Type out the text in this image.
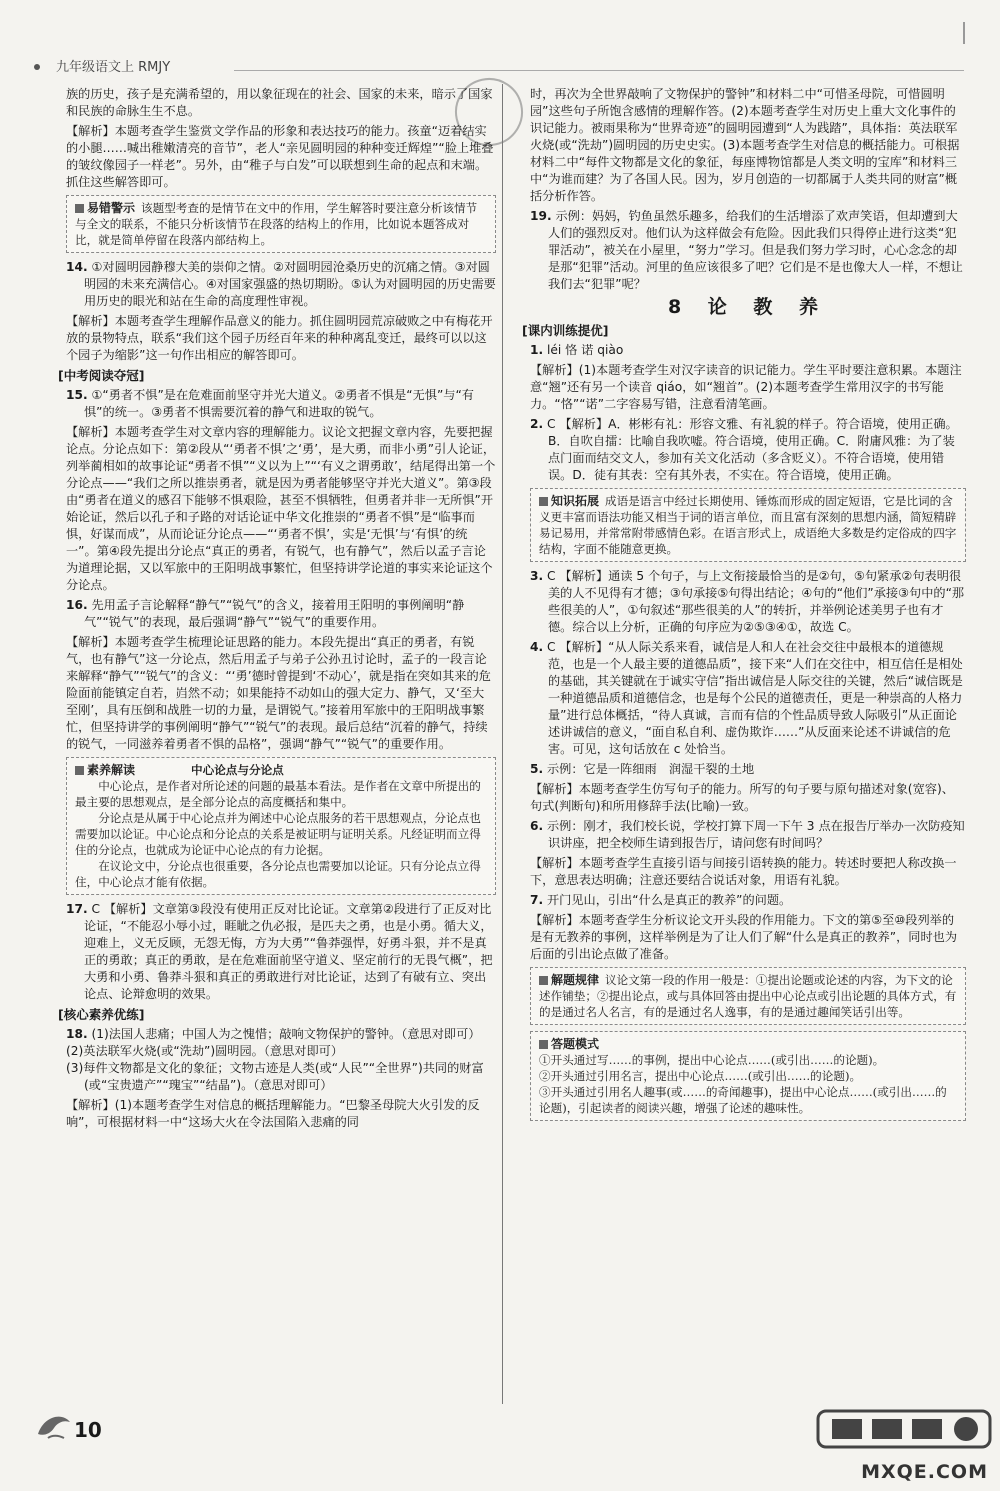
九年级语文上 RMJY

族的历史，孩子是充满希望的，用以象征现在的社会、国家的未来，暗示了国家和民族的命脉生生不息。

【解析】本题考查学生鉴赏文学作品的形象和表达技巧的能力。孩童“迈着结实的小腿……喊出稚嫩清亮的音节”，老人“亲见圆明园的种种变迁辉煌”“脸上堆叠的皱纹像园子一样老”。另外，由“稚子与白发”可以联想到生命的起点和末端。抓住这些解答即可。

易错警示 该题型考查的是情节在文中的作用，学生解答时要注意分析该情节与全文的联系，不能只分析该情节在段落的结构上的作用，比如说本题答成对比，就是简单停留在段落内部结构上。

14. ①对圆明园静穆大美的崇仰之情。②对圆明园沧桑历史的沉痛之情。③对圆明园的未来充满信心。④对国家强盛的热切期盼。⑤认为对圆明园的历史需要用历史的眼光和站在生命的高度理性审视。

【解析】本题考查学生理解作品意义的能力。抓住圆明园荒凉破败之中有梅花开放的景物特点，联系“我们这个园子历经百年来的种种离乱变迁，最终可以以这个园子为缩影”这一句作出相应的解答即可。

[中考阅读夺冠]

15. ①“勇者不惧”是在危难面前坚守并光大道义。②勇者不惧是“无惧”与“有惧”的统一。③勇者不惧需要沉着的静气和进取的锐气。

【解析】本题考查学生对文章内容的理解能力。议论文把握文章内容，先要把握论点。分论点如下：第②段从“‘勇者不惧’之‘勇’，是大勇，而非小勇”引人论证，列举蔺相如的故事论证“勇者不惧”“义以为上”“‘有义之谓勇敢’，结尾得出第一个分论点——“我们之所以推崇勇者，就是因为勇者能够坚守并光大道义”。第③段由“勇者在道义的感召下能够不惧艰险，甚至不惧牺牲，但勇者并非一无所惧”开始论证，然后以孔子和子路的对话论证中华文化推崇的“勇者不惧”是“临事而惧，好谋而成”，从而论证分论点——“‘勇者不惧’，实是‘无惧’与‘有惧’的统一”。第④段先提出分论点“真正的勇者，有锐气，也有静气”，然后以孟子言论为道理论据，又以军旅中的王阳明战事繁忙，但坚持讲学论道的事实来论证这个分论点。

16. 先用孟子言论解释“静气”“锐气”的含义，接着用王阳明的事例阐明“静气”“锐气”的表现，最后强调“静气”“锐气”的重要作用。

【解析】本题考查学生梳理论证思路的能力。本段先提出“真正的勇者，有锐气，也有静气”这一分论点，然后用孟子与弟子公孙丑讨论时，孟子的一段言论来解释“静气”“锐气”的含义：“‘勇’德时曾提到‘不动心’，就是指在突如其来的危险面前能镇定自若，岿然不动；如果能持不动如山的强大定力、静气，又‘至大至刚’，具有压倒和战胜一切的力量，是谓锐气。”接着用军旅中的王阳明战事繁忙，但坚持讲学的事例阐明“静气”“锐气”的表现。最后总结“沉着的静气，持续的锐气，一同滋养着勇者不惧的品格”，强调“静气”“锐气”的重要作用。

素养解读	中心论点与分论点
中心论点，是作者对所论述的问题的最基本看法。是作者在文章中所提出的最主要的思想观点，是全部分论点的高度概括和集中。
分论点是从属于中心论点并为阐述中心论点服务的若干思想观点，分论点也需要加以论证。中心论点和分论点的关系是被证明与证明关系。凡经证明而立得住的分论点，也就成为论证中心论点的有力论据。
在议论文中，分论点也很重要，各分论点也需要加以论证。只有分论点立得住，中心论点才能有依据。

17. C 【解析】文章第③段没有使用正反对比论证。文章第②段进行了正反对比论证，“不能忍小辱小过，睚眦之仇必报，是匹夫之勇，也是小勇。循大义，迎难上，义无反顾，无怨无悔，方为大勇”“鲁莽强悍，好勇斗狠，并不是真正的勇敢；真正的勇敢，是在危难面前坚守道义、坚定前行的无畏气概”，把大勇和小勇、鲁莽斗狠和真正的勇敢进行对比论证，达到了有破有立、突出论点、论辩愈明的效果。

[核心素养优练]
18. (1)法国人悲痛；中国人为之愧惜；敲响文物保护的警钟。（意思对即可）
(2)英法联军火烧(或“洗劫”)圆明园。（意思对即可）
(3)每件文物都是文化的象征；文物古迹是人类(或“人民”“全世界”)共同的财富(或“宝贵遗产”“瑰宝”“结晶”)。（意思对即可）

【解析】(1)本题考查学生对信息的概括理解能力。“巴黎圣母院大火引发的反响”，可根据材料一中“这场大火在令法国陷入悲痛的同

时，再次为全世界敲响了文物保护的警钟”和材料二中“可惜圣母院，可惜圆明园”这些句子所饱含感情的理解作答。(2)本题考查学生对历史上重大文化事件的识记能力。被雨果称为“世界奇迹”的圆明园遭到“人为践踏”，具体指：英法联军火烧(或“洗劫”)圆明园的历史史实。(3)本题考查学生对信息的概括能力。可根据材料二中“每件文物都是文化的象征，每座博物馆都是人类文明的宝库”和材料三中“为谁而建？为了各国人民。因为，岁月创造的一切都属于人类共同的财富”概括分析作答。

19. 示例：妈妈，钓鱼虽然乐趣多，给我们的生活增添了欢声笑语，但却遭到大人们的强烈反对。他们认为这样做会有危险。因此我们只得停止进行这类“犯罪活动”，被关在小屋里，“努力”学习。但是我们努力学习时，心心念念的却是那“犯罪”活动。河里的鱼应该很多了吧？它们是不是也像大人一样，不想让我们去“犯罪”呢？

8 论 教 养
[课内训练提优]

1. léi 恪 诺 qiào

【解析】(1)本题考查学生对汉字读音的识记能力。学生平时要注意积累。本题注意“翘”还有另一个读音 qiáo，如“翘首”。(2)本题考查学生常用汉字的书写能力。“恪”“诺”二字容易写错，注意看清笔画。

2. C 【解析】A．彬彬有礼：形容文雅、有礼貌的样子。符合语境，使用正确。B．自吹自擂：比喻自我吹嘘。符合语境，使用正确。C．附庸风雅：为了装点门面而结交文人，参加有关文化活动（多含贬义）。不符合语境，使用错误。D．徒有其表：空有其外表，不实在。符合语境，使用正确。

知识拓展 成语是语言中经过长期使用、锤炼而形成的固定短语，它是比词的含义更丰富而语法功能又相当于词的语言单位，而且富有深刻的思想内涵，简短精辟易记易用，并常常附带感情色彩。在语言形式上，成语绝大多数是约定俗成的四字结构，字面不能随意更换。

3. C 【解析】通读 5 个句子，与上文衔接最恰当的是②句，⑤句紧承②句表明很美的人不见得有才德；③句承接⑤句得出结论；④句的“他们”承接③句中的“那些很美的人”，①句叙述“那些很美的人”的转折，并举例论述美男子也有才德。综合以上分析，正确的句序应为②⑤③④①，故选 C。

4. C 【解析】“从人际关系来看，诚信是人和人在社会交往中最根本的道德规范，也是一个人最主要的道德品质”，接下来“人们在交往中，相互信任是相处的基础，其关键就在于诚实守信”指出诚信是人际交往的关键，然后“诚信既是一种道德品质和道德信念，也是每个公民的道德责任，更是一种崇高的人格力量”进行总体概括，“待人真诚，言而有信的个性品质导致人际吸引”从正面论述讲诚信的意义，“面自私自利、虚伪欺诈……”从反面来论述不讲诚信的危害。可见，这句话放在 c 处恰当。

5. 示例：它是一阵细雨　润湿干裂的土地

【解析】本题考查学生仿写句子的能力。所写的句子要与原句描述对象(宽容)、句式(判断句)和所用修辞手法(比喻)一致。

6. 示例：刚才，我们校长说，学校打算下周一下午 3 点在报告厅举办一次防疫知识讲座，把全校师生请到报告厅，请问您有时间吗？

【解析】本题考查学生直接引语与间接引语转换的能力。转述时要把人称改换一下，意思表达明确；注意还要结合说话对象，用语有礼貌。

7. 开门见山，引出“什么是真正的教养”的问题。

【解析】本题考查学生分析议论文开头段的作用能力。下文的第⑤至⑩段列举的是有无教养的事例，这样举例是为了让人们了解“什么是真正的教养”，同时也为后面的引出论点做了准备。

解题规律 议论文第一段的作用一般是：①提出论题或论述的内容，为下文的论述作铺垫；②提出论点，或与具体回答由提出中心论点或引出论题的具体方式，有的是通过名人名言，有的是通过名人逸事，有的是通过趣闻笑话引出等。
答题模式
①开头通过写……的事例，提出中心论点……(或引出……的论题)。
②开头通过引用名言，提出中心论点……(或引出……的论题)。
③开头通过引用名人趣事(或……的奇闻趣事)，提出中心论点……(或引出……的论题)，引起读者的阅读兴趣，增强了论述的趣味性。
10
MXQE.COM
